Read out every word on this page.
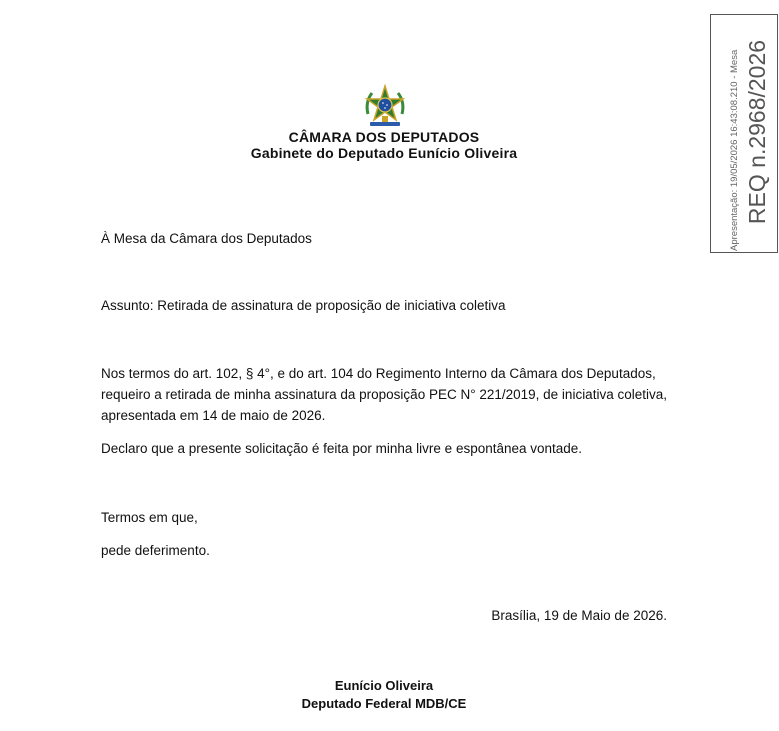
CÂMARA DOS DEPUTADOS
Gabinete do Deputado Eunício Oliveira	Apresentação: 19/05/2026 16:43:08.210 - Mesa REQ n.2968/2026
À Mesa da Câmara dos Deputados
Assunto: Retirada de assinatura de proposição de iniciativa coletiva
Nos termos do art. 102, § 4°, e do art. 104 do Regimento Interno da Câmara dos Deputados,
requeiro a retirada de minha assinatura da proposição PEC N° 221/2019, de iniciativa coletiva,
apresentada em 14 de maio de 2026.
Declaro que a presente solicitação é feita por minha livre e espontânea vontade.
Termos em que,
pede deferimento.
Brasília, 19 de Maio de 2026.
Eunício Oliveira
Deputado Federal MDB/CE
